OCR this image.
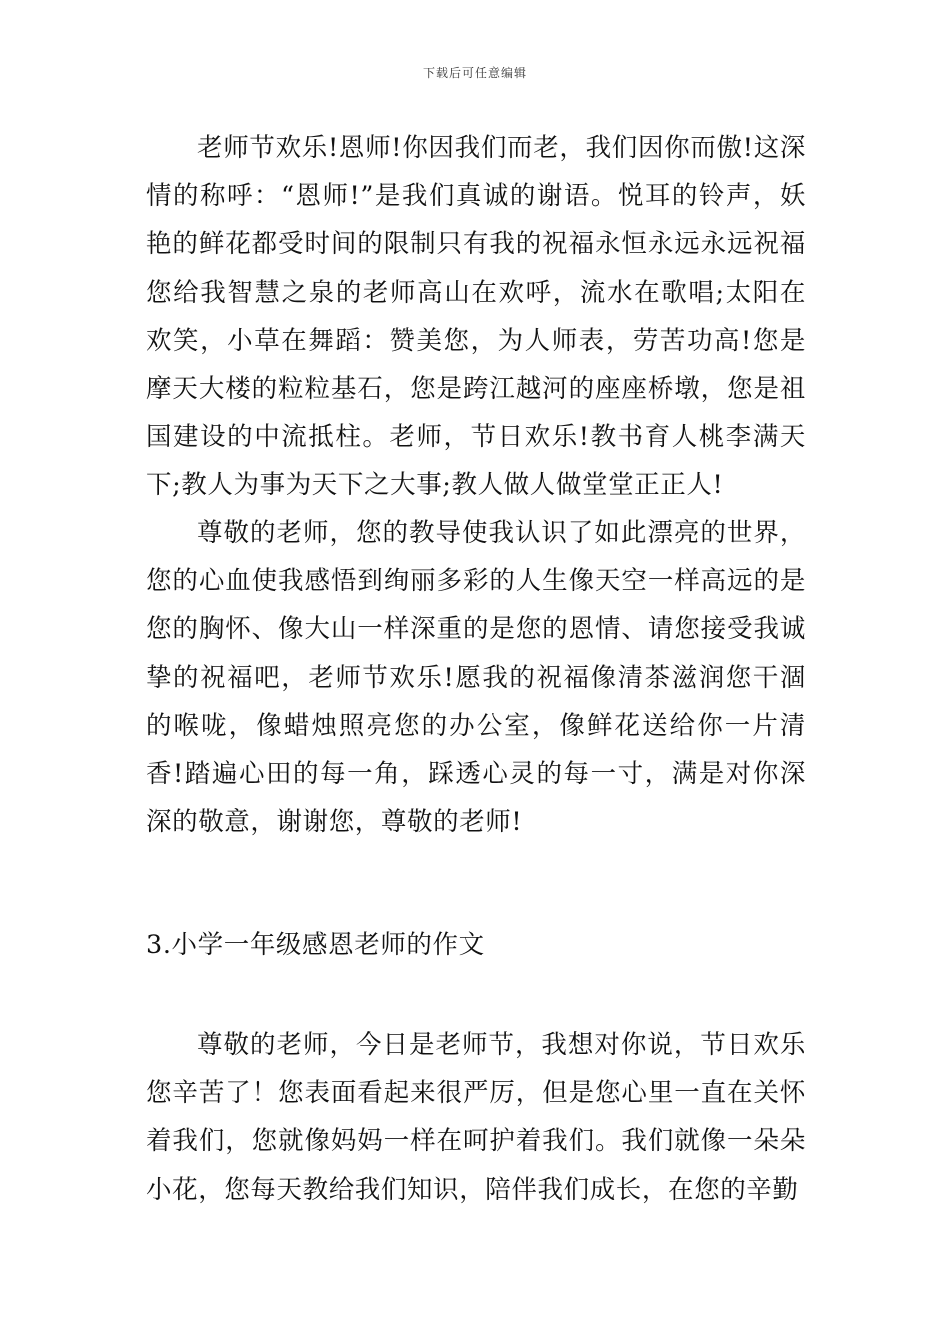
下载后可任意编辑

老师节欢乐!恩师!你因我们而老，我们因你而傲!这深情的称呼：“恩师!”是我们真诚的谢语。悦耳的铃声，妖艳的鲜花都受时间的限制只有我的祝福永恒永远永远祝福您给我智慧之泉的老师高山在欢呼，流水在歌唱;太阳在欢笑，小草在舞蹈：赞美您，为人师表，劳苦功高!您是摩天大楼的粒粒基石，您是跨江越河的座座桥墩，您是祖国建设的中流抵柱。老师，节日欢乐!教书育人桃李满天下;教人为事为天下之大事;教人做人做堂堂正正人!

尊敬的老师，您的教导使我认识了如此漂亮的世界，您的心血使我感悟到绚丽多彩的人生像天空一样高远的是您的胸怀、像大山一样深重的是您的恩情、请您接受我诚挚的祝福吧，老师节欢乐!愿我的祝福像清茶滋润您干涸的喉咙，像蜡烛照亮您的办公室，像鲜花送给你一片清香!踏遍心田的每一角，踩透心灵的每一寸，满是对你深深的敬意，谢谢您，尊敬的老师!

3.小学一年级感恩老师的作文

尊敬的老师，今日是老师节，我想对你说，节日欢乐您辛苦了！您表面看起来很严厉，但是您心里一直在关怀着我们，您就像妈妈一样在呵护着我们。我们就像一朵朵小花，您每天教给我们知识，陪伴我们成长，在您的辛勤
